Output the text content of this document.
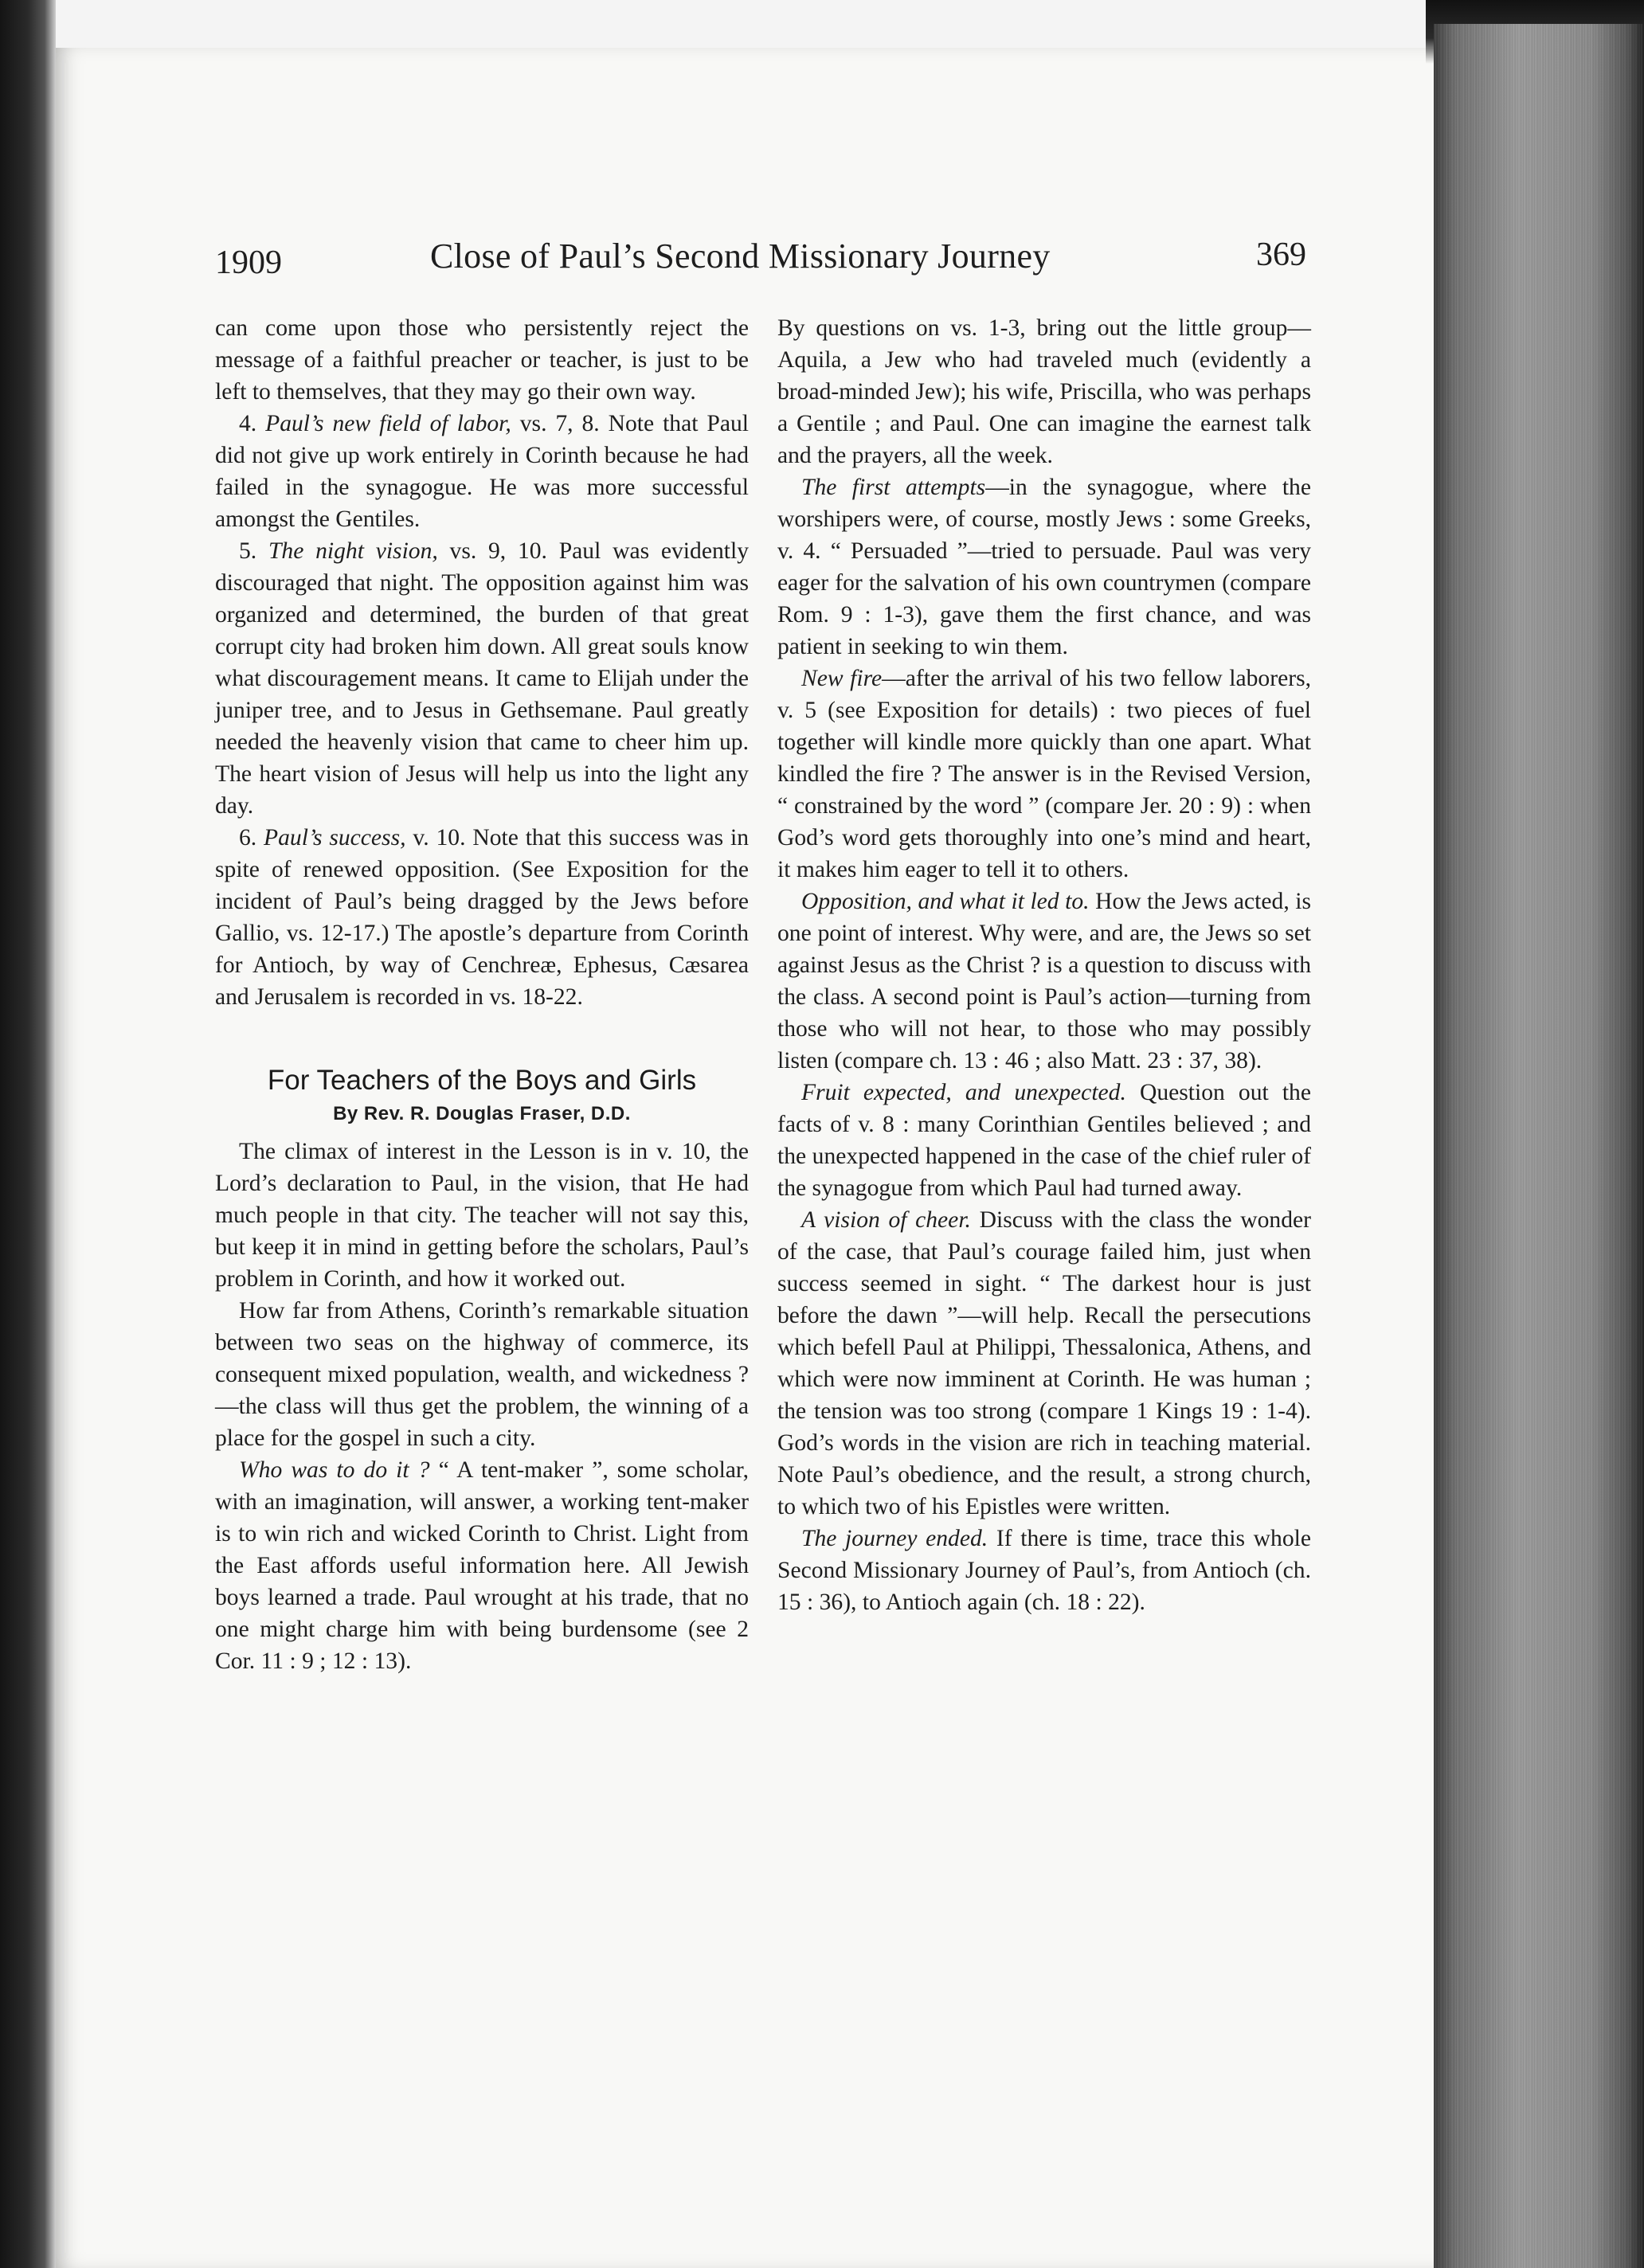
1909	Close of Paul’s Second Missionary Journey	369

can come upon those who persistently reject the message of a faithful preacher or teacher, is just to be left to themselves, that they may go their own way.

4. Paul’s new field of labor, vs. 7, 8. Note that Paul did not give up work entirely in Corinth because he had failed in the synagogue. He was more successful amongst the Gentiles.

5. The night vision, vs. 9, 10. Paul was evidently discouraged that night. The opposition against him was organized and determined, the burden of that great corrupt city had broken him down. All great souls know what discouragement means. It came to Elijah under the juniper tree, and to Jesus in Gethsemane. Paul greatly needed the heavenly vision that came to cheer him up. The heart vision of Jesus will help us into the light any day.

6. Paul’s success, v. 10. Note that this success was in spite of renewed opposition. (See Exposition for the incident of Paul’s being dragged by the Jews before Gallio, vs. 12-17.) The apostle’s departure from Corinth for Antioch, by way of Cenchreæ, Ephesus, Cæsarea and Jerusalem is recorded in vs. 18-22.

For Teachers of the Boys and Girls
By Rev. R. Douglas Fraser, D.D.

The climax of interest in the Lesson is in v. 10, the Lord’s declaration to Paul, in the vision, that He had much people in that city. The teacher will not say this, but keep it in mind in getting before the scholars, Paul’s problem in Corinth, and how it worked out.

How far from Athens, Corinth’s remarkable situation between two seas on the highway of commerce, its consequent mixed population, wealth, and wickedness ?—the class will thus get the problem, the winning of a place for the gospel in such a city.

Who was to do it ? “ A tent-maker ”, some scholar, with an imagination, will answer, a working tent-maker is to win rich and wicked Corinth to Christ. Light from the East affords useful information here. All Jewish boys learned a trade. Paul wrought at his trade, that no one might charge him with being burdensome (see 2 Cor. 11 : 9 ; 12 : 13).

By questions on vs. 1-3, bring out the little group—Aquila, a Jew who had traveled much (evidently a broad-minded Jew); his wife, Priscilla, who was perhaps a Gentile ; and Paul. One can imagine the earnest talk and the prayers, all the week.

The first attempts—in the synagogue, where the worshipers were, of course, mostly Jews : some Greeks, v. 4. “ Persuaded ”—tried to persuade. Paul was very eager for the salvation of his own countrymen (compare Rom. 9 : 1-3), gave them the first chance, and was patient in seeking to win them.

New fire—after the arrival of his two fellow laborers, v. 5 (see Exposition for details) : two pieces of fuel together will kindle more quickly than one apart. What kindled the fire ? The answer is in the Revised Version, “ constrained by the word ” (compare Jer. 20 : 9) : when God’s word gets thoroughly into one’s mind and heart, it makes him eager to tell it to others.

Opposition, and what it led to. How the Jews acted, is one point of interest. Why were, and are, the Jews so set against Jesus as the Christ ? is a question to discuss with the class. A second point is Paul’s action—turning from those who will not hear, to those who may possibly listen (compare ch. 13 : 46 ; also Matt. 23 : 37, 38).

Fruit expected, and unexpected. Question out the facts of v. 8 : many Corinthian Gentiles believed ; and the unexpected happened in the case of the chief ruler of the synagogue from which Paul had turned away.

A vision of cheer. Discuss with the class the wonder of the case, that Paul’s courage failed him, just when success seemed in sight. “ The darkest hour is just before the dawn ”—will help. Recall the persecutions which befell Paul at Philippi, Thessalonica, Athens, and which were now imminent at Corinth. He was human ; the tension was too strong (compare 1 Kings 19 : 1-4). God’s words in the vision are rich in teaching material. Note Paul’s obedience, and the result, a strong church, to which two of his Epistles were written.

The journey ended. If there is time, trace this whole Second Missionary Journey of Paul’s, from Antioch (ch. 15 : 36), to Antioch again (ch. 18 : 22).
